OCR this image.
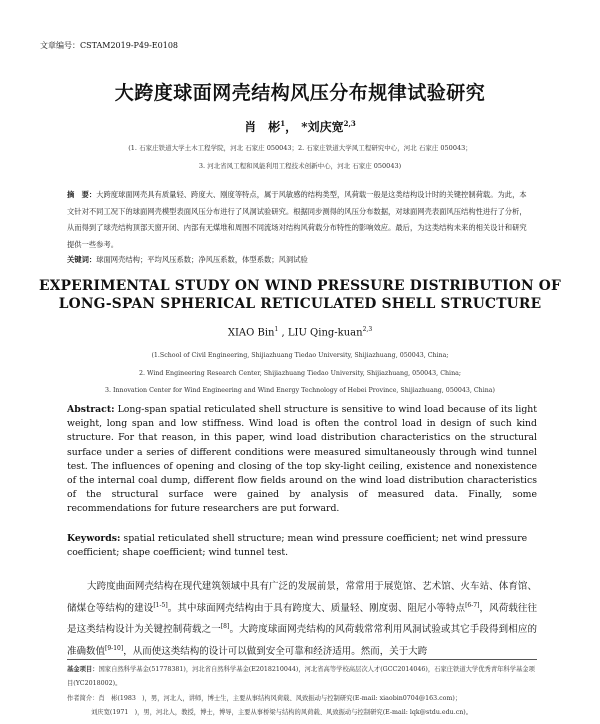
文章编号：CSTAM2019-P49-E0108
大跨度球面网壳结构风压分布规律试验研究
肖　彬$^1$， *刘庆宽$^{2,3}$
(1. 石家庄铁道大学土木工程学院，河北 石家庄 050043；2. 石家庄铁道大学风工程研究中心，河北 石家庄 050043；
3. 河北省风工程和风能利用工程技术创新中心，河北 石家庄 050043)
摘　要：大跨度球面网壳具有质量轻、跨度大、刚度等特点，属于风敏感的结构类型，风荷载一般是这类结构设计时的关键控制荷载。为此，本文针对不同工况下的球面网壳模型表面风压分布进行了风洞试验研究。根据同步测得的风压分布数据，对球面网壳表面风压结构性进行了分析，从而得到了球壳结构顶部天窗开闭、内部有无煤堆和周围不同流场对结构风荷载分布特性的影响效应。最后，为这类结构未来的相关设计和研究提供一些参考。
关键词：球面网壳结构；平均风压系数；净风压系数，体型系数；风洞试验
EXPERIMENTAL STUDY ON WIND PRESSURE DISTRIBUTION OF
LONG-SPAN SPHERICAL RETICULATED SHELL STRUCTURE
XIAO Bin$^1$ , LIU Qing-kuan$^{2,3}$
(1.School of Civil Engineering, Shijiazhuang Tiedao University, Shijiazhuang, 050043, China;
2. Wind Engineering Research Center, Shijiazhuang Tiedao University, Shijiazhuang, 050043, China;
3. Innovation Center for Wind Engineering and Wind Energy Technology of Hebei Province, Shijiazhuang, 050043, China)
Abstract: Long-span spatial reticulated shell structure is sensitive to wind load because of its light weight, long span and low stiffness. Wind load is often the control load in design of such kind structure. For that reason, in this paper, wind load distribution characteristics on the structural surface under a series of different conditions were measured simultaneously through wind tunnel test. The influences of opening and closing of the top sky-light ceiling, existence and nonexistence of the internal coal dump, different flow fields around on the wind load distribution characteristics of the structural surface were gained by analysis of measured data. Finally, some recommendations for future researchers are put forward.
Keywords: spatial reticulated shell structure; mean wind pressure coefficient; net wind pressure coefficient; shape coefficient; wind tunnel test.
大跨度曲面网壳结构在现代建筑领域中具有广泛的发展前景，常常用于展览馆、艺术馆、火车站、体育馆、储煤仓等结构的建设[1-5]。其中球面网壳结构由于具有跨度大、质量轻、刚度弱、阻尼小等特点[6-7]，风荷载往往是这类结构设计为关键控制荷载之一[8]。大跨度球面网壳结构的风荷载常常利用风洞试验或其它手段得到相应的准确数值[9-10]，从而使这类结构的设计可以做到安全可靠和经济适用。然而，关于大跨
基金项目：国家自然科学基金(51778381)，河北省自然科学基金(E2018210044)，河北省高等学校高层次人才(GCC2014046)，石家庄铁道大学优秀青年科学基金项目(YC2018002)。
作者简介：肖　彬(1983　)，男，河北人，讲师，博士生，主要从事结构风荷载、风致振动与控制研究(E-mail: xiaobin0704@163.com)；
刘庆宽(1971　)，男，河北人，教授，博士，博导，主要从事桥梁与结构的风荷载、风致振动与控制研究(E-mail: lqk@stdu.edu.cn)。
